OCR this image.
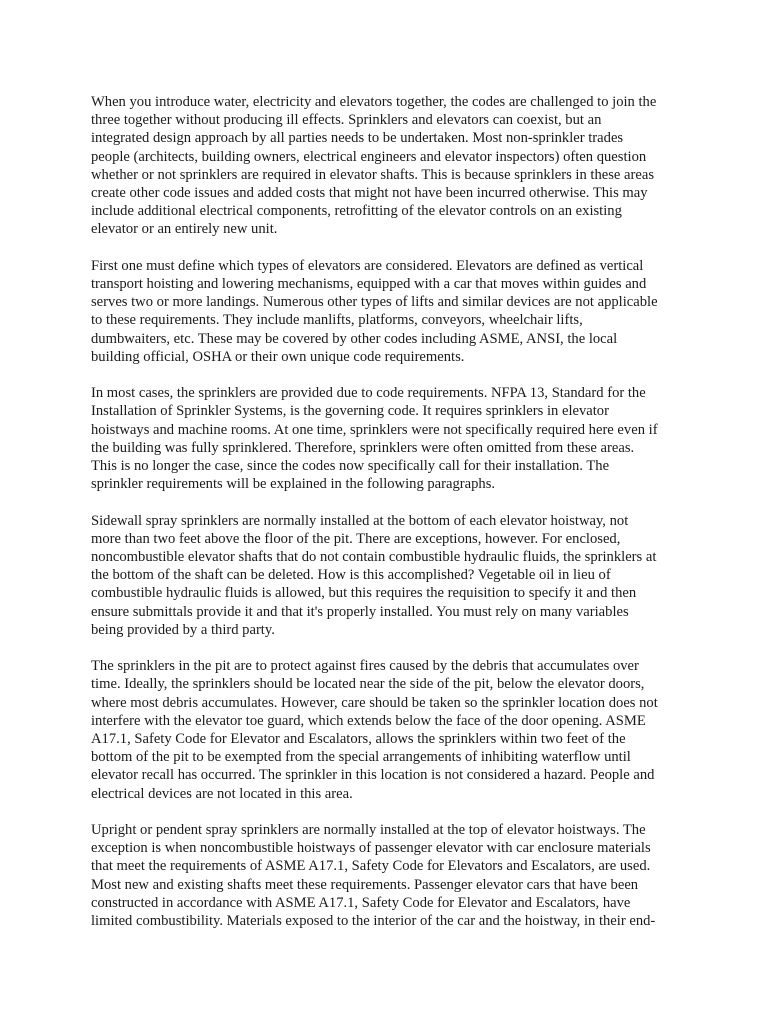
When you introduce water, electricity and elevators together, the codes are challenged to join the
three together without producing ill effects. Sprinklers and elevators can coexist, but an
integrated design approach by all parties needs to be undertaken. Most non-sprinkler trades
people (architects, building owners, electrical engineers and elevator inspectors) often question
whether or not sprinklers are required in elevator shafts. This is because sprinklers in these areas
create other code issues and added costs that might not have been incurred otherwise. This may
include additional electrical components, retrofitting of the elevator controls on an existing
elevator or an entirely new unit.
First one must define which types of elevators are considered. Elevators are defined as vertical
transport hoisting and lowering mechanisms, equipped with a car that moves within guides and
serves two or more landings. Numerous other types of lifts and similar devices are not applicable
to these requirements. They include manlifts, platforms, conveyors, wheelchair lifts,
dumbwaiters, etc. These may be covered by other codes including ASME, ANSI, the local
building official, OSHA or their own unique code requirements.
In most cases, the sprinklers are provided due to code requirements. NFPA 13, Standard for the
Installation of Sprinkler Systems, is the governing code. It requires sprinklers in elevator
hoistways and machine rooms. At one time, sprinklers were not specifically required here even if
the building was fully sprinklered. Therefore, sprinklers were often omitted from these areas.
This is no longer the case, since the codes now specifically call for their installation. The
sprinkler requirements will be explained in the following paragraphs.
Sidewall spray sprinklers are normally installed at the bottom of each elevator hoistway, not
more than two feet above the floor of the pit. There are exceptions, however. For enclosed,
noncombustible elevator shafts that do not contain combustible hydraulic fluids, the sprinklers at
the bottom of the shaft can be deleted. How is this accomplished? Vegetable oil in lieu of
combustible hydraulic fluids is allowed, but this requires the requisition to specify it and then
ensure submittals provide it and that it's properly installed. You must rely on many variables
being provided by a third party.
The sprinklers in the pit are to protect against fires caused by the debris that accumulates over
time. Ideally, the sprinklers should be located near the side of the pit, below the elevator doors,
where most debris accumulates. However, care should be taken so the sprinkler location does not
interfere with the elevator toe guard, which extends below the face of the door opening. ASME
A17.1, Safety Code for Elevator and Escalators, allows the sprinklers within two feet of the
bottom of the pit to be exempted from the special arrangements of inhibiting waterflow until
elevator recall has occurred. The sprinkler in this location is not considered a hazard. People and
electrical devices are not located in this area.
Upright or pendent spray sprinklers are normally installed at the top of elevator hoistways. The
exception is when noncombustible hoistways of passenger elevator with car enclosure materials
that meet the requirements of ASME A17.1, Safety Code for Elevators and Escalators, are used.
Most new and existing shafts meet these requirements. Passenger elevator cars that have been
constructed in accordance with ASME A17.1, Safety Code for Elevator and Escalators, have
limited combustibility. Materials exposed to the interior of the car and the hoistway, in their end-
